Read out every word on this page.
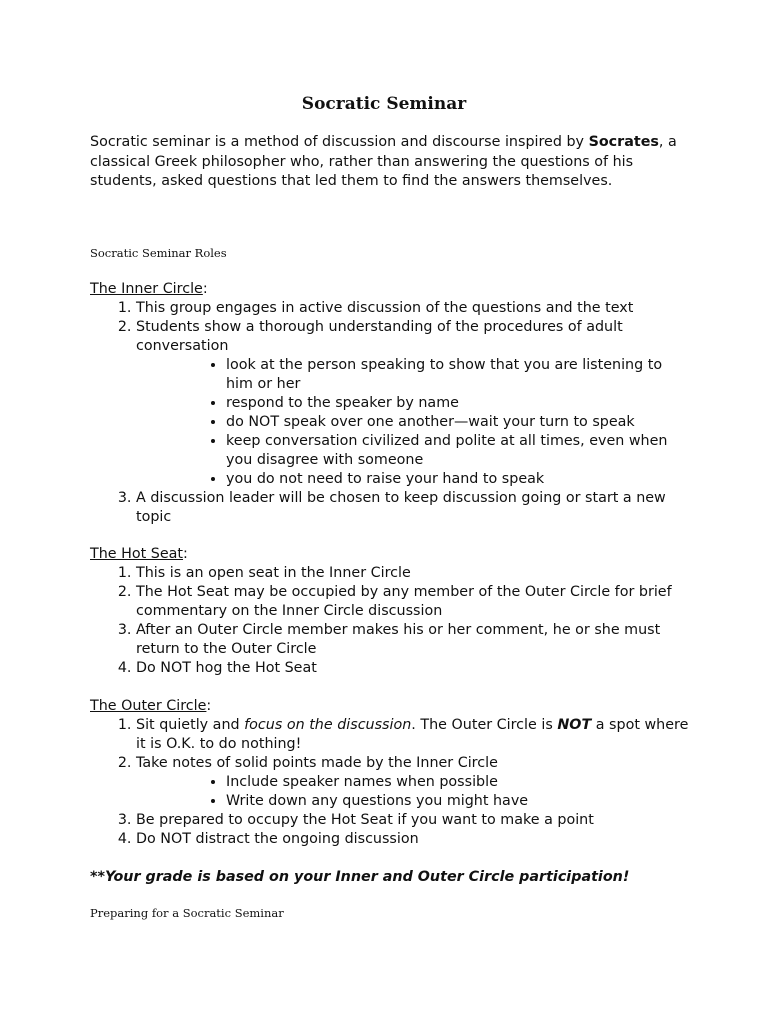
Socratic Seminar
Socratic seminar is a method of discussion and discourse inspired by Socrates, a classical Greek philosopher who, rather than answering the questions of his students, asked questions that led them to find the answers themselves.
Socratic Seminar Roles
The Inner Circle:
1. This group engages in active discussion of the questions and the text
2. Students show a thorough understanding of the procedures of adult conversation
• look at the person speaking to show that you are listening to him or her
• respond to the speaker by name
• do NOT speak over one another—wait your turn to speak
• keep conversation civilized and polite at all times, even when you disagree with someone
• you do not need to raise your hand to speak
3. A discussion leader will be chosen to keep discussion going or start a new topic
The Hot Seat:
1. This is an open seat in the Inner Circle
2. The Hot Seat may be occupied by any member of the Outer Circle for brief commentary on the Inner Circle discussion
3. After an Outer Circle member makes his or her comment, he or she must return to the Outer Circle
4. Do NOT hog the Hot Seat
The Outer Circle:
1. Sit quietly and focus on the discussion. The Outer Circle is NOT a spot where it is O.K. to do nothing!
2. Take notes of solid points made by the Inner Circle
• Include speaker names when possible
• Write down any questions you might have
3. Be prepared to occupy the Hot Seat if you want to make a point
4. Do NOT distract the ongoing discussion
**Your grade is based on your Inner and Outer Circle participation!
Preparing for a Socratic Seminar
